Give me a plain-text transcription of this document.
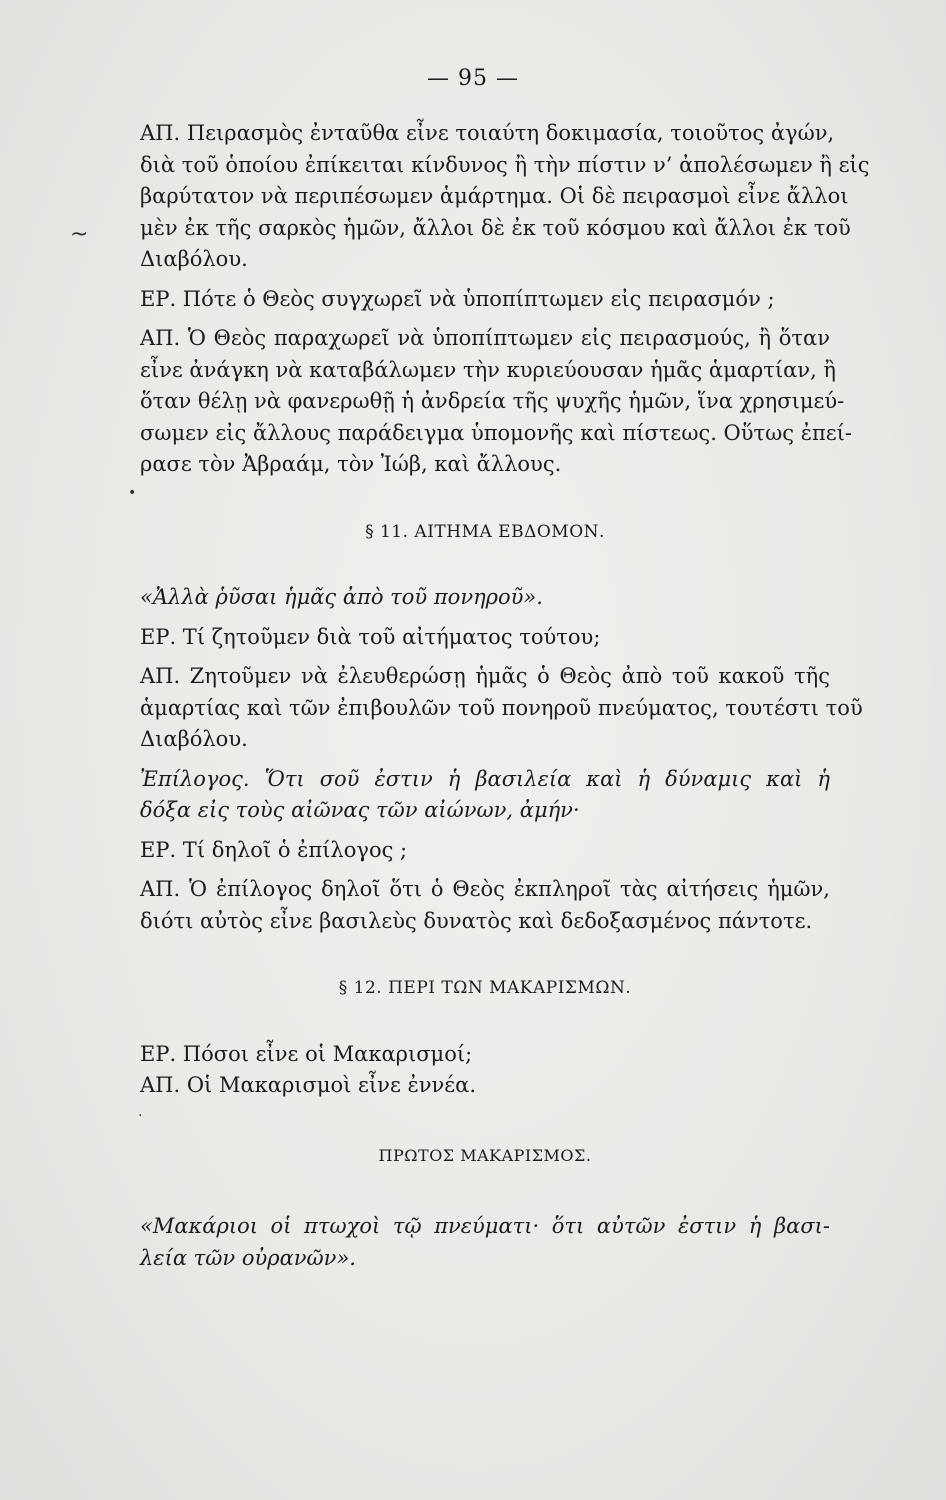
~
•
.
— 95 —

ΑΠ. Πειρασμὸς ἐνταῦθα εἶνε τοιαύτη δοκιμασία, τοιοῦτος ἀγών,
διὰ τοῦ ὁποίου ἐπίκειται κίνδυνος ἢ τὴν πίστιν ν’ ἀπολέσωμεν ἢ εἰς
βαρύτατον νὰ περιπέσωμεν ἁμάρτημα. Οἱ δὲ πειρασμοὶ εἶνε ἄλλοι
μὲν ἐκ τῆς σαρκὸς ἡμῶν, ἄλλοι δὲ ἐκ τοῦ κόσμου καὶ ἄλλοι ἐκ τοῦ
Διαβόλου.

ΕΡ. Πότε ὁ Θεὸς συγχωρεῖ νὰ ὑποπίπτωμεν εἰς πειρασμόν ;

ΑΠ. Ὁ Θεὸς παραχωρεῖ νὰ ὑποπίπτωμεν εἰς πειρασμούς, ἢ ὅταν
εἶνε ἀνάγκη νὰ καταβάλωμεν τὴν κυριεύουσαν ἡμᾶς ἁμαρτίαν, ἢ
ὅταν θέλῃ νὰ φανερωθῇ ἡ ἀνδρεία τῆς ψυχῆς ἡμῶν, ἵνα χρησιμεύ-
σωμεν εἰς ἄλλους παράδειγμα ὑπομονῆς καὶ πίστεως. Οὕτως ἐπεί-
ρασε τὸν Ἀβραάμ, τὸν Ἰώβ, καὶ ἄλλους.

§ 11. ΑΙΤΗΜΑ ΕΒΔΟΜΟΝ.

«Ἀλλὰ ῥῦσαι ἡμᾶς ἀπὸ τοῦ πονηροῦ».

ΕΡ. Τί ζητοῦμεν διὰ τοῦ αἰτήματος τούτου;

ΑΠ. Ζητοῦμεν νὰ ἐλευθερώσῃ ἡμᾶς ὁ Θεὸς ἀπὸ τοῦ κακοῦ τῆς
ἁμαρτίας καὶ τῶν ἐπιβουλῶν τοῦ πονηροῦ πνεύματος, τουτέστι τοῦ
Διαβόλου.

Ἐπίλογος. Ὅτι σοῦ ἐστιν ἡ βασιλεία καὶ ἡ δύναμις καὶ ἡ
δόξα εἰς τοὺς αἰῶνας τῶν αἰώνων, ἀμήν·

ΕΡ. Τί δηλοῖ ὁ ἐπίλογος ;

ΑΠ. Ὁ ἐπίλογος δηλοῖ ὅτι ὁ Θεὸς ἐκπληροῖ τὰς αἰτήσεις ἡμῶν,
διότι αὐτὸς εἶνε βασιλεὺς δυνατὸς καὶ δεδοξασμένος πάντοτε.

§ 12. ΠΕΡΙ ΤΩΝ ΜΑΚΑΡΙΣΜΩΝ.

ΕΡ. Πόσοι εἶνε οἱ Μακαρισμοί;

ΑΠ. Οἱ Μακαρισμοὶ εἶνε ἐννέα.

ΠΡΩΤΟΣ ΜΑΚΑΡΙΣΜΟΣ.

«Μακάριοι οἱ πτωχοὶ τῷ πνεύματι· ὅτι αὐτῶν ἐστιν ἡ βασι-
λεία τῶν οὐρανῶν».
